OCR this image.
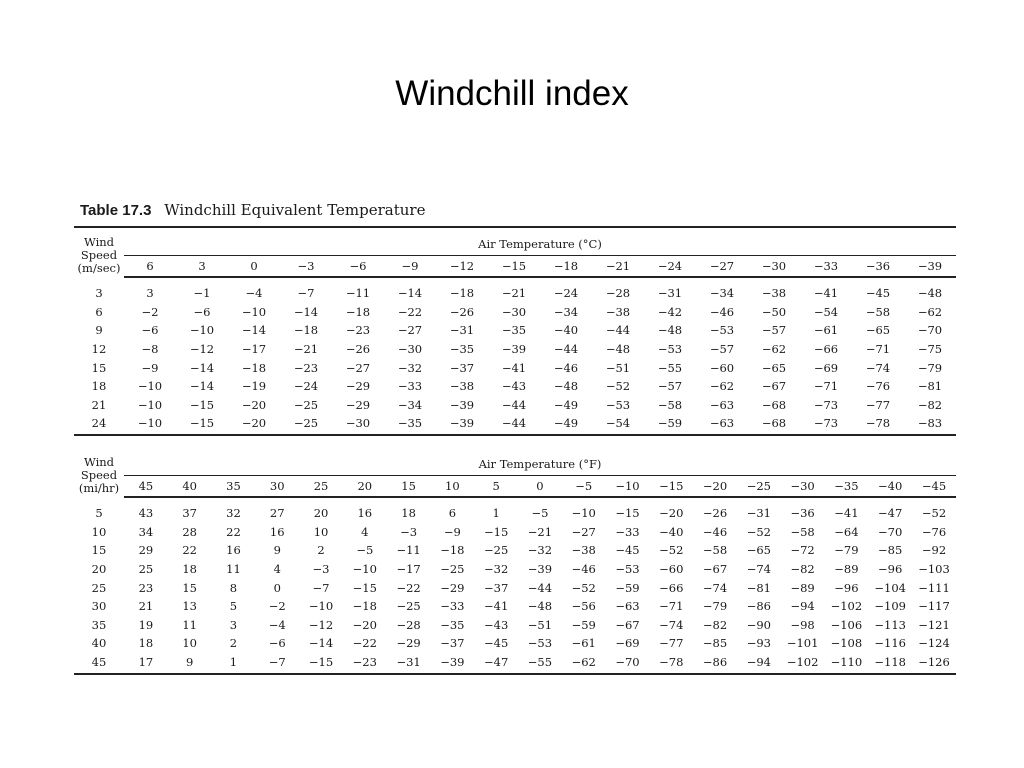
Windchill index
Table 17.3 Windchill Equivalent Temperature
Wind
Speed
(m/sec)	Air Temperature (°C)															
	6	3	0	−3	−6	−9	−12	−15	−18	−21	−24	−27	−30	−33	−36	−39

3	3	−1	−4	−7	−11	−14	−18	−21	−24	−28	−31	−34	−38	−41	−45	−48
6	−2	−6	−10	−14	−18	−22	−26	−30	−34	−38	−42	−46	−50	−54	−58	−62
9	−6	−10	−14	−18	−23	−27	−31	−35	−40	−44	−48	−53	−57	−61	−65	−70
12	−8	−12	−17	−21	−26	−30	−35	−39	−44	−48	−53	−57	−62	−66	−71	−75
15	−9	−14	−18	−23	−27	−32	−37	−41	−46	−51	−55	−60	−65	−69	−74	−79
18	−10	−14	−19	−24	−29	−33	−38	−43	−48	−52	−57	−62	−67	−71	−76	−81
21	−10	−15	−20	−25	−29	−34	−39	−44	−49	−53	−58	−63	−68	−73	−77	−82
24	−10	−15	−20	−25	−30	−35	−39	−44	−49	−54	−59	−63	−68	−73	−78	−83
Wind
Speed
(mi/hr)	Air Temperature (°F)																		
	45	40	35	30	25	20	15	10	5	0	−5	−10	−15	−20	−25	−30	−35	−40	−45

5	43	37	32	27	20	16	18	6	1	−5	−10	−15	−20	−26	−31	−36	−41	−47	−52
10	34	28	22	16	10	4	−3	−9	−15	−21	−27	−33	−40	−46	−52	−58	−64	−70	−76
15	29	22	16	9	2	−5	−11	−18	−25	−32	−38	−45	−52	−58	−65	−72	−79	−85	−92
20	25	18	11	4	−3	−10	−17	−25	−32	−39	−46	−53	−60	−67	−74	−82	−89	−96	−103
25	23	15	8	0	−7	−15	−22	−29	−37	−44	−52	−59	−66	−74	−81	−89	−96	−104	−111
30	21	13	5	−2	−10	−18	−25	−33	−41	−48	−56	−63	−71	−79	−86	−94	−102	−109	−117
35	19	11	3	−4	−12	−20	−28	−35	−43	−51	−59	−67	−74	−82	−90	−98	−106	−113	−121
40	18	10	2	−6	−14	−22	−29	−37	−45	−53	−61	−69	−77	−85	−93	−101	−108	−116	−124
45	17	9	1	−7	−15	−23	−31	−39	−47	−55	−62	−70	−78	−86	−94	−102	−110	−118	−126
